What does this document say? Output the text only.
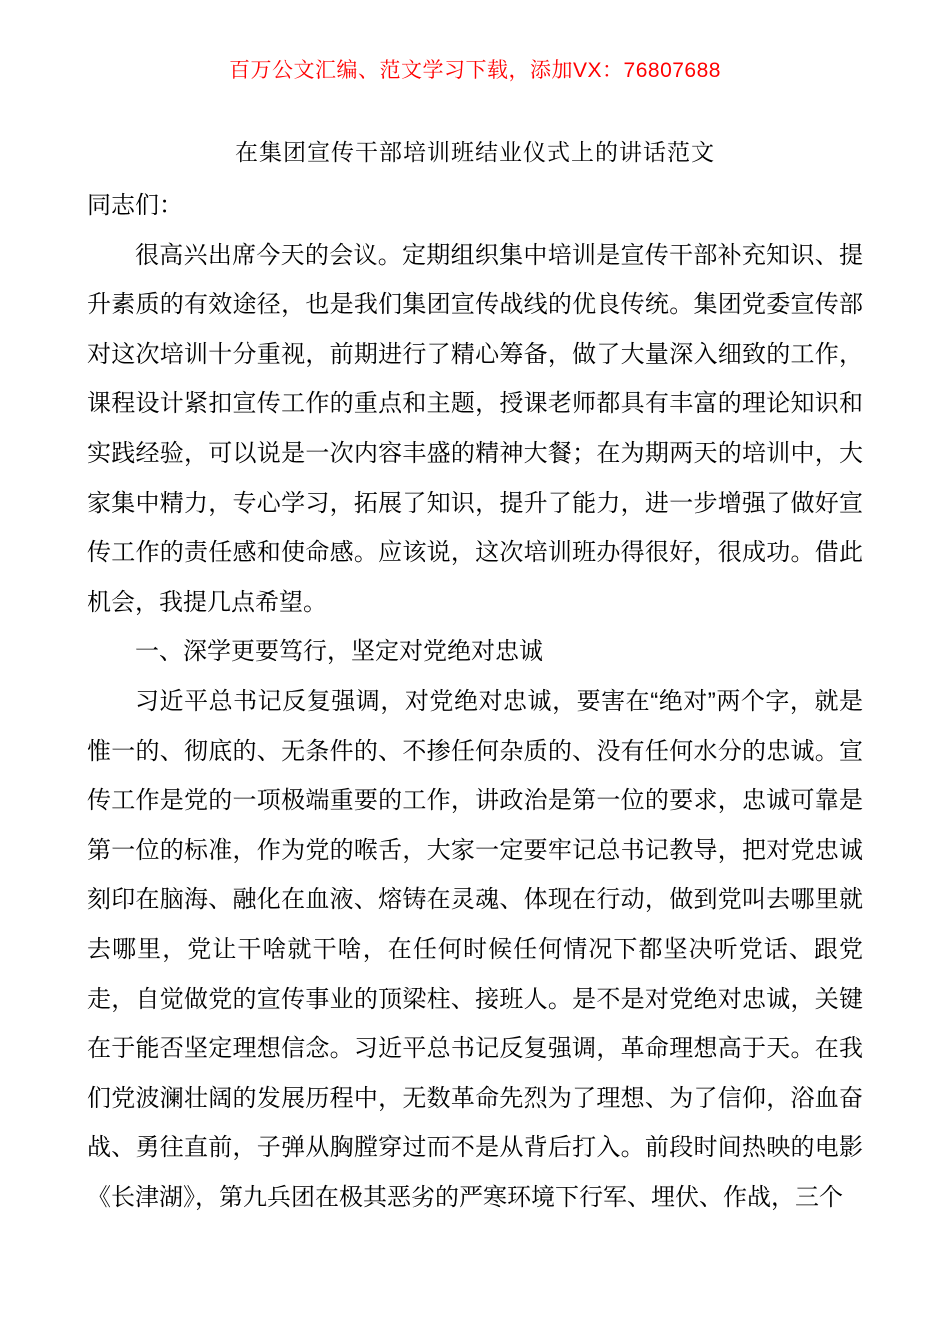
百万公文汇编、范文学习下载，添加VX：76807688

在集团宣传干部培训班结业仪式上的讲话范文

同志们：

很高兴出席今天的会议。定期组织集中培训是宣传干部补充知识、提升素质的有效途径，也是我们集团宣传战线的优良传统。集团党委宣传部对这次培训十分重视，前期进行了精心筹备，做了大量深入细致的工作，课程设计紧扣宣传工作的重点和主题，授课老师都具有丰富的理论知识和实践经验，可以说是一次内容丰盛的精神大餐；在为期两天的培训中，大家集中精力，专心学习，拓展了知识，提升了能力，进一步增强了做好宣传工作的责任感和使命感。应该说，这次培训班办得很好，很成功。借此机会，我提几点希望。

一、深学更要笃行，坚定对党绝对忠诚

习近平总书记反复强调，对党绝对忠诚，要害在“绝对”两个字，就是惟一的、彻底的、无条件的、不掺任何杂质的、没有任何水分的忠诚。宣传工作是党的一项极端重要的工作，讲政治是第一位的要求，忠诚可靠是第一位的标准，作为党的喉舌，大家一定要牢记总书记教导，把对党忠诚刻印在脑海、融化在血液、熔铸在灵魂、体现在行动，做到党叫去哪里就去哪里，党让干啥就干啥，在任何时候任何情况下都坚决听党话、跟党走，自觉做党的宣传事业的顶梁柱、接班人。是不是对党绝对忠诚，关键在于能否坚定理想信念。习近平总书记反复强调，革命理想高于天。在我们党波澜壮阔的发展历程中，无数革命先烈为了理想、为了信仰，浴血奋战、勇往直前，子弹从胸膛穿过而不是从背后打入。前段时间热映的电影《长津湖》，第九兵团在极其恶劣的严寒环境下行军、埋伏、作战，三个
